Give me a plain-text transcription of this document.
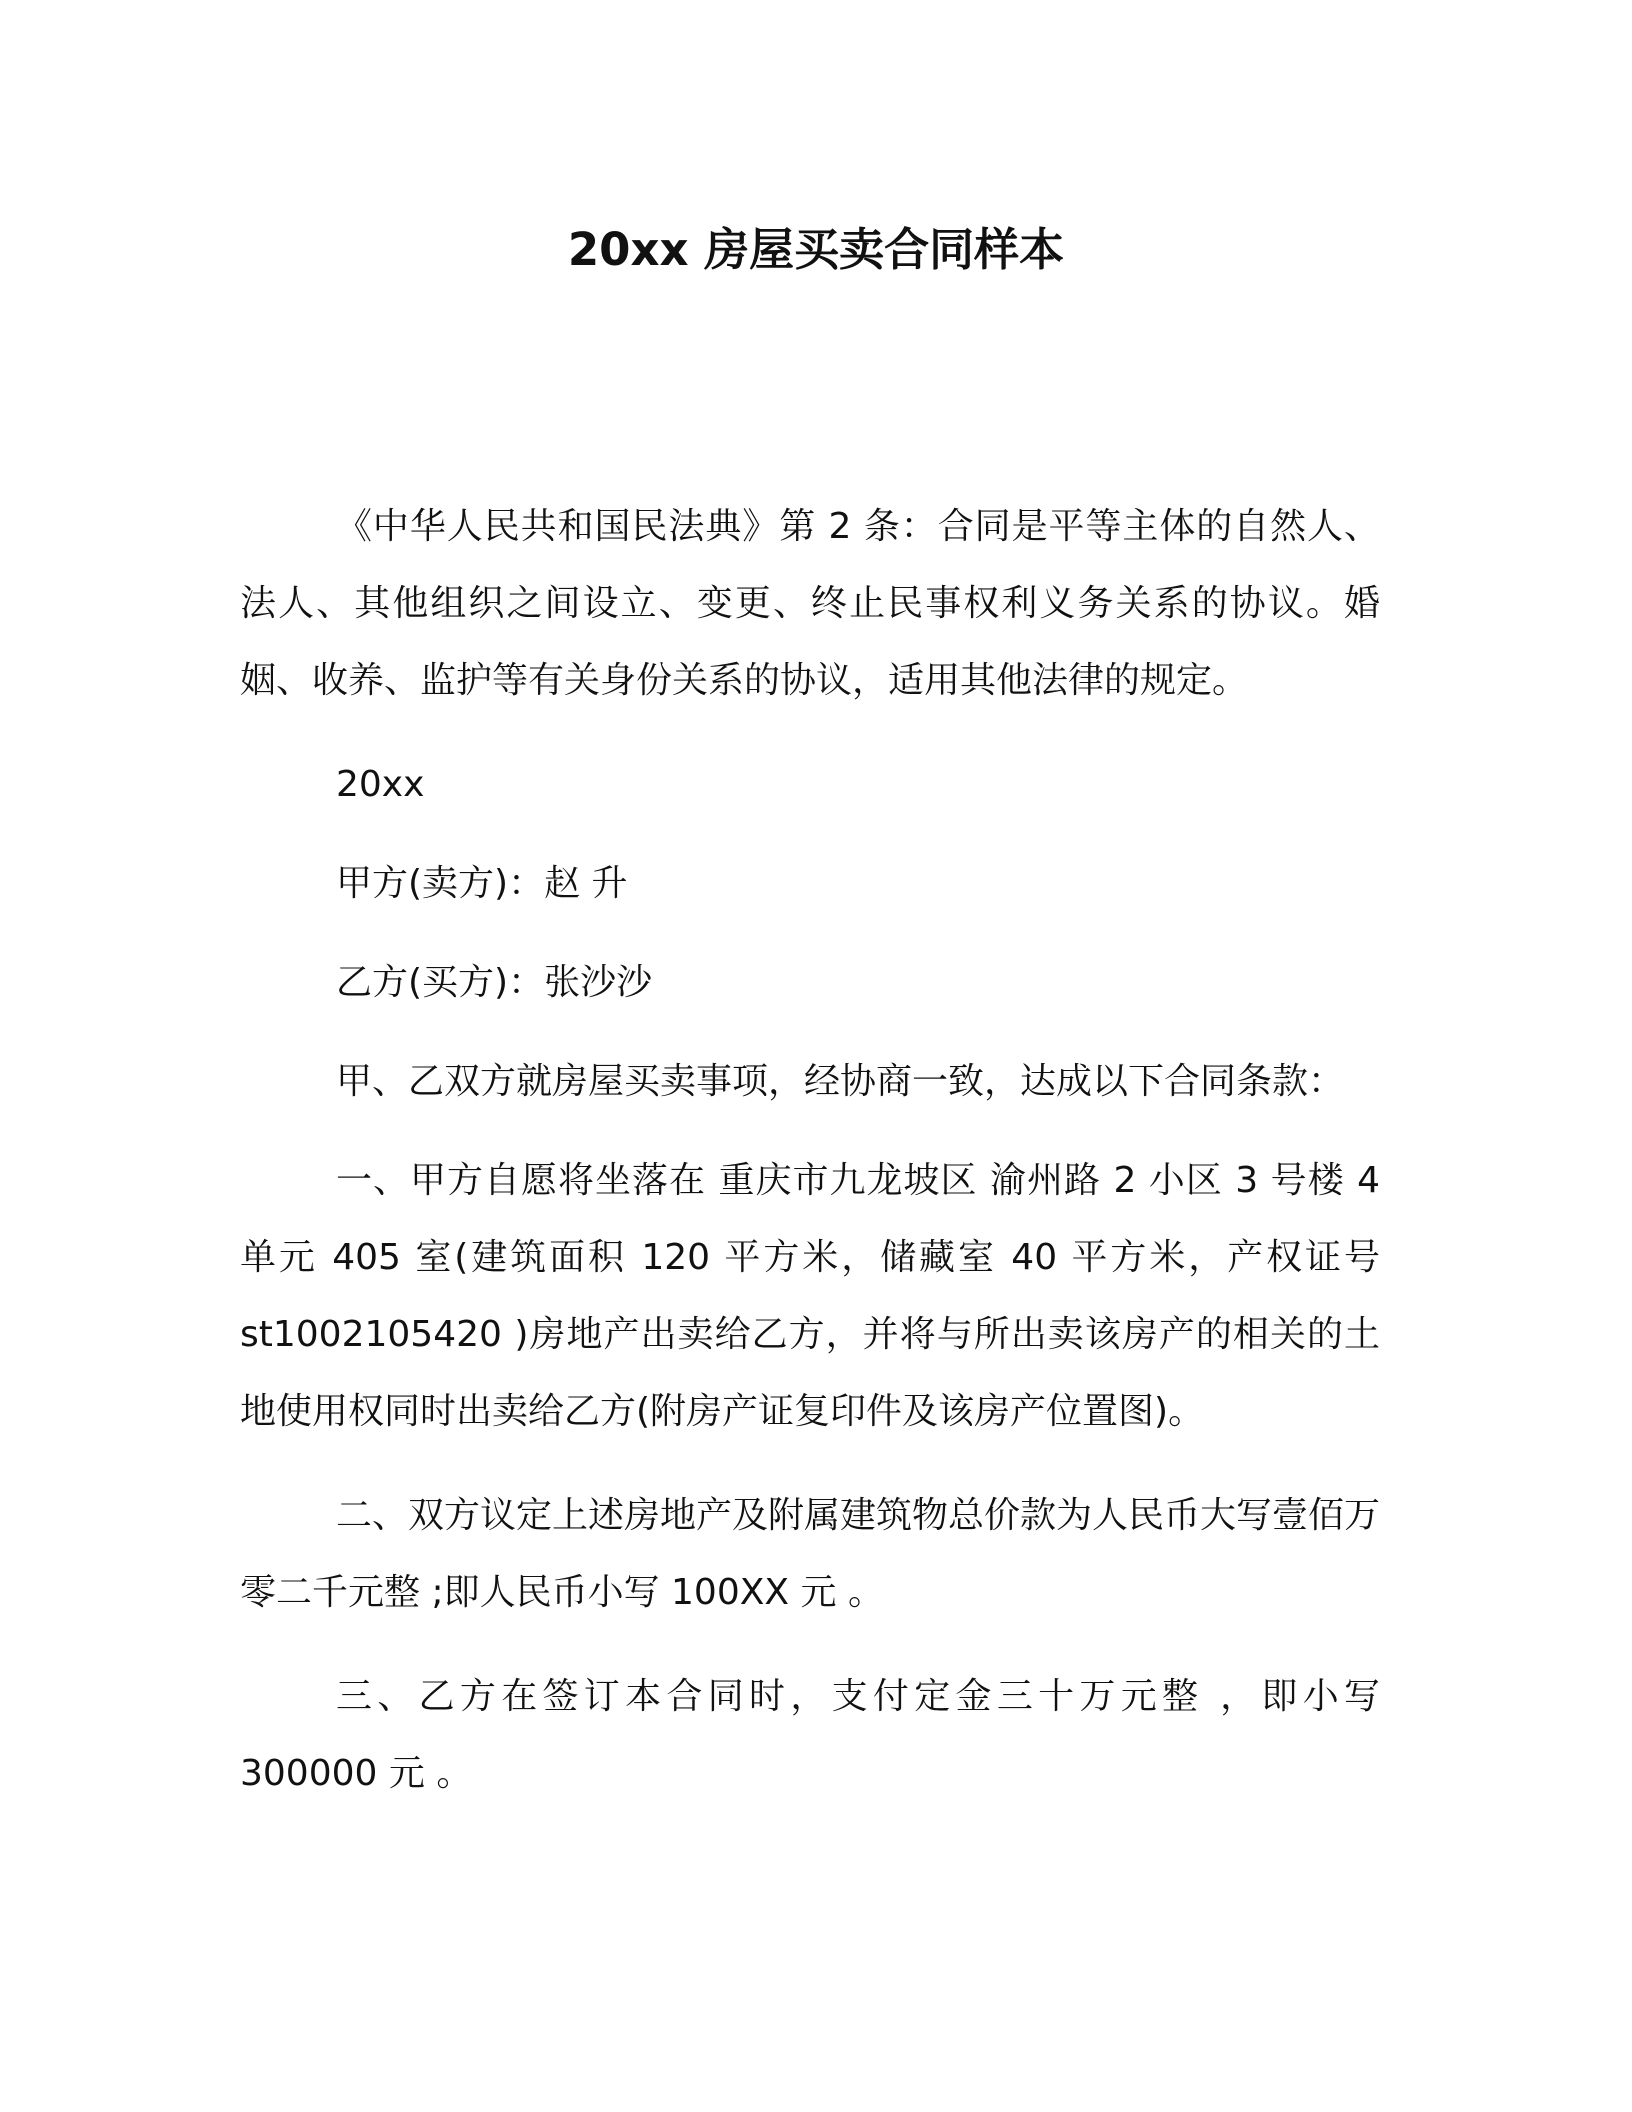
20xx 房屋买卖合同样本

《中华人民共和国民法典》第 2 条：合同是平等主体的自然人、法人、其他组织之间设立、变更、终止民事权利义务关系的协议。婚姻、收养、监护等有关身份关系的协议，适用其他法律的规定。

20xx

甲方(卖方)：赵 升

乙方(买方)：张沙沙

甲、乙双方就房屋买卖事项，经协商一致，达成以下合同条款：

一、甲方自愿将坐落在 重庆市九龙坡区 渝州路 2 小区 3 号楼 4 单元 405 室(建筑面积 120 平方米，储藏室 40 平方米，产权证号 st1002105420 )房地产出卖给乙方，并将与所出卖该房产的相关的土地使用权同时出卖给乙方(附房产证复印件及该房产位置图)。

二、双方议定上述房地产及附属建筑物总价款为人民币大写壹佰万零二千元整 ;即人民币小写 100XX 元 。

三、乙方在签订本合同时，支付定金三十万元整 ，即小写 300000 元 。
